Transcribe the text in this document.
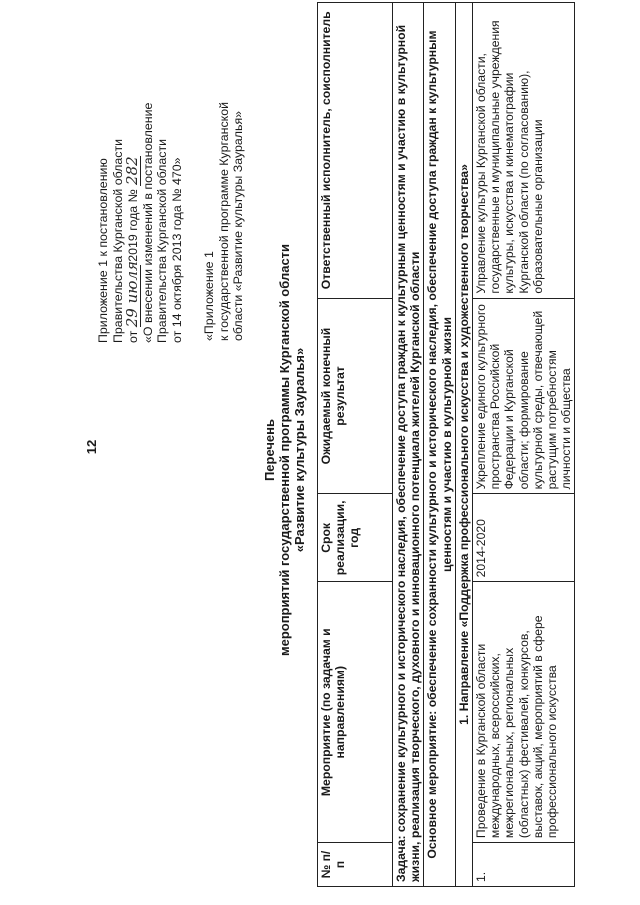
12
Приложение 1 к постановлению Правительства Курганской области от 29 июля 2019 года № 282 «О внесении изменений в постановление Правительства Курганской области от 14 октября 2013 года № 470» «Приложение 1 к государственной программе Курганской области «Развитие культуры Зауралья»
Перечень мероприятий государственной программы Курганской области «Развитие культуры Зауралья»
№ п/п	Мероприятие (по задачам и направлениям)	Срок реализации, год	Ожидаемый конечный результат	Ответственный исполнитель, соисполнитель
Задача: сохранение культурного и исторического наследия, обеспечение доступа граждан к культурным ценностям и участию в культурной жизни, реализация творческого, духовного и инновационного потенциала жителей Курганской области				
Основное мероприятие: обеспечение сохранности культурного и исторического наследия, обеспечение доступа граждан к культурным ценностям и участию в культурной жизни				
1. Направление «Поддержка профессионального искусства и художественного творчества»				
1.	Проведение в Курганской области международных, всероссийских, межрегиональных, региональных (областных) фестивалей, конкурсов, выставок, акций, мероприятий в сфере профессионального искусства	2014-2020	Укрепление единого культурного пространства Российской Федерации и Курганской области; формирование культурной среды, отвечающей растущим потребностям личности и общества	Управление культуры Курганской области, государственные и муниципальные учреждения культуры, искусства и кинематографии Курганской области (по согласованию), образовательные организации
